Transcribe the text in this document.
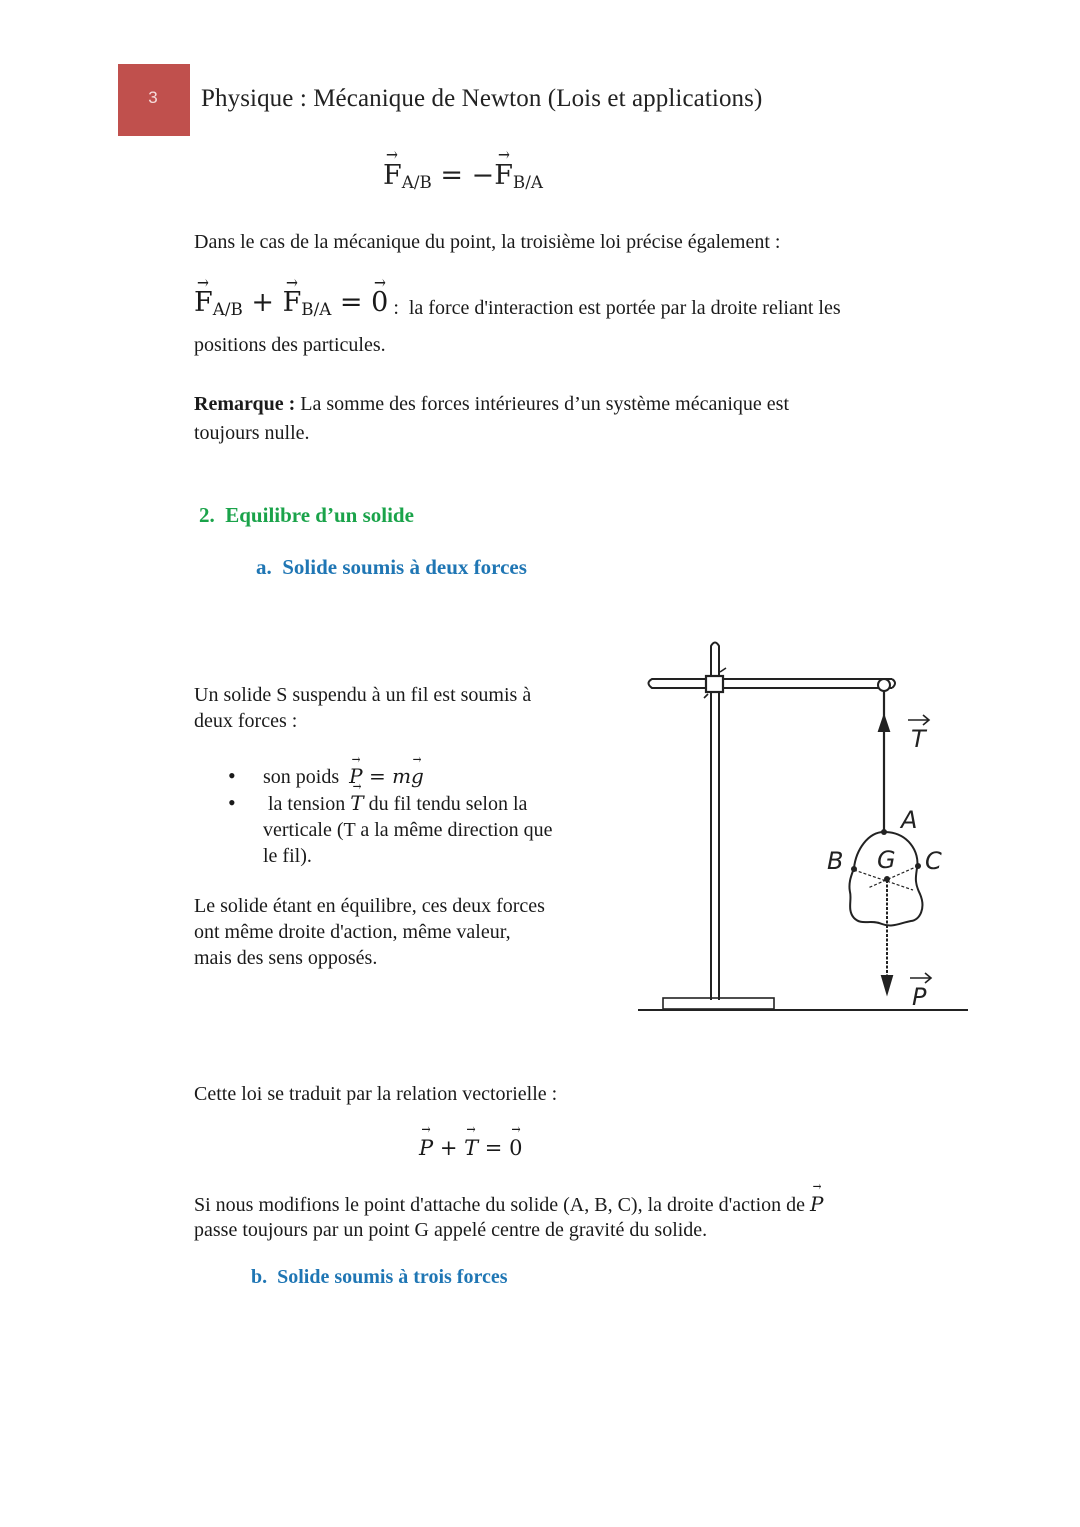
3 Physique : Mécanique de Newton (Lois et applications)
→ $F_{A/B}$ = −→ $F_{B/A}$
Dans le cas de la mécanique du point, la troisième loi précise également :
→ $F_{A/B}$ + → $F_{B/A}$ = → 0 :  la force d'interaction est portée par la droite reliant les
positions des particules.
Remarque : La somme des forces intérieures d’un système mécanique est
toujours nulle.
2.  Equilibre d’un solide
a.  Solide soumis à deux forces
Un solide S suspendu à un fil est soumis à
deux forces :
• son poids  → P = m→ g
• la tension → T du fil tendu selon la
verticale (T a la même direction que
le fil).
Le solide étant en équilibre, ces deux forces
ont même droite d'action, même valeur,
mais des sens opposés.
T
P
A
B	C
G
Cette loi se traduit par la relation vectorielle :
→ P + → T = → 0
Si nous modifions le point d'attache du solide (A, B, C), la droite d'action de → P
passe toujours par un point G appelé centre de gravité du solide.
b.  Solide soumis à trois forces
